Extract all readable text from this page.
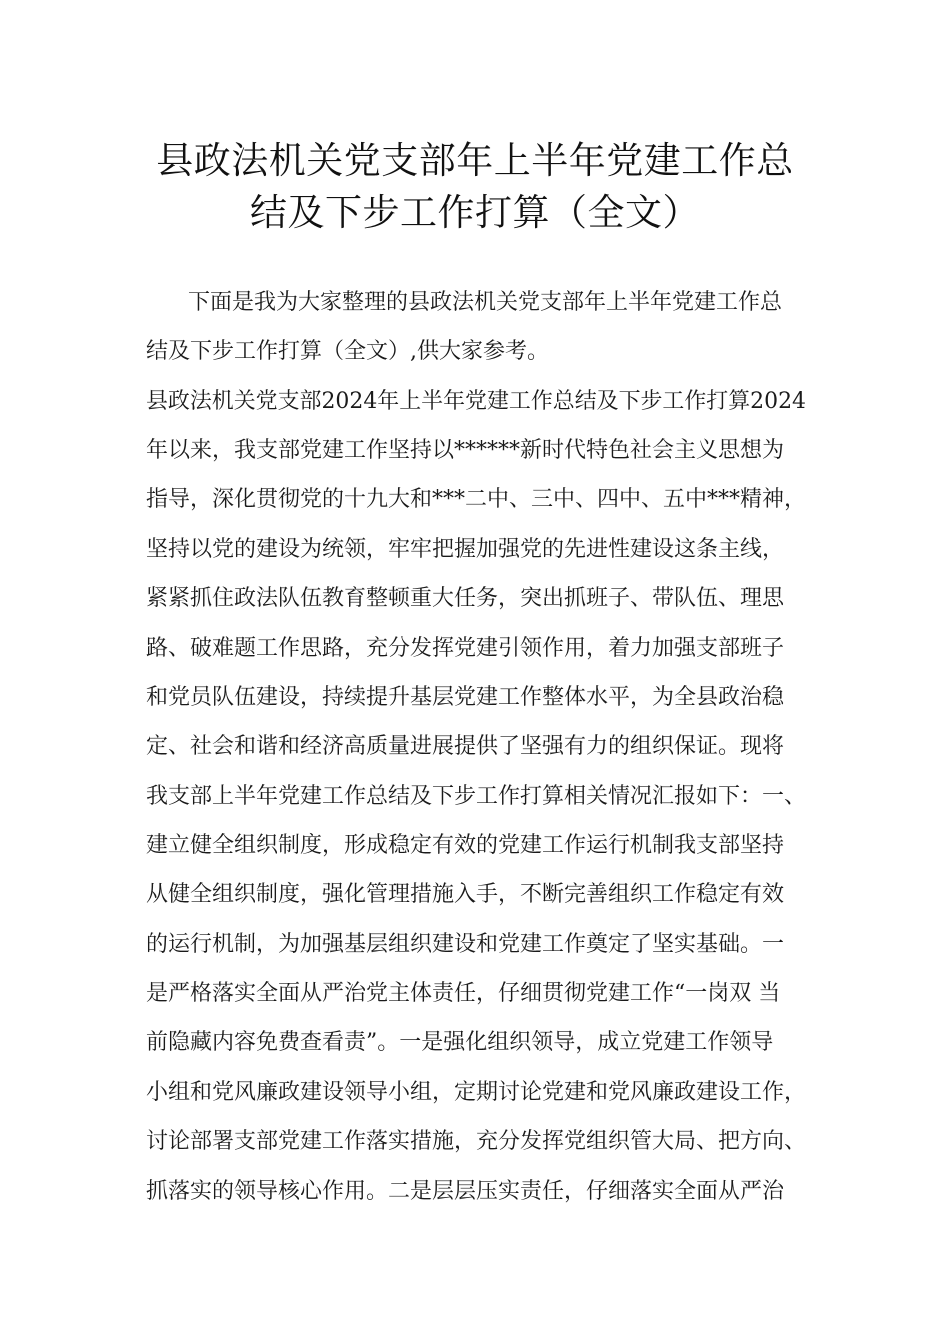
县政法机关党支部年上半年党建工作总
结及下步工作打算（全文）
下面是我为大家整理的县政法机关党支部年上半年党建工作总
结及下步工作打算（全文）,供大家参考。
县政法机关党支部2024年上半年党建工作总结及下步工作打算2024
年以来，我支部党建工作坚持以******新时代特色社会主义思想为
指导，深化贯彻党的十九大和***二中、三中、四中、五中***精神，
坚持以党的建设为统领，牢牢把握加强党的先进性建设这条主线，
紧紧抓住政法队伍教育整顿重大任务，突出抓班子、带队伍、理思
路、破难题工作思路，充分发挥党建引领作用，着力加强支部班子
和党员队伍建设，持续提升基层党建工作整体水平，为全县政治稳
定、社会和谐和经济高质量进展提供了坚强有力的组织保证。现将
我支部上半年党建工作总结及下步工作打算相关情况汇报如下：一、
建立健全组织制度，形成稳定有效的党建工作运行机制我支部坚持
从健全组织制度，强化管理措施入手，不断完善组织工作稳定有效
的运行机制，为加强基层组织建设和党建工作奠定了坚实基础。一
是严格落实全面从严治党主体责任，仔细贯彻党建工作“一岗双 当
前隐藏内容免费查看责”。一是强化组织领导，成立党建工作领导
小组和党风廉政建设领导小组，定期讨论党建和党风廉政建设工作，
讨论部署支部党建工作落实措施，充分发挥党组织管大局、把方向、
抓落实的领导核心作用。二是层层压实责任，仔细落实全面从严治
